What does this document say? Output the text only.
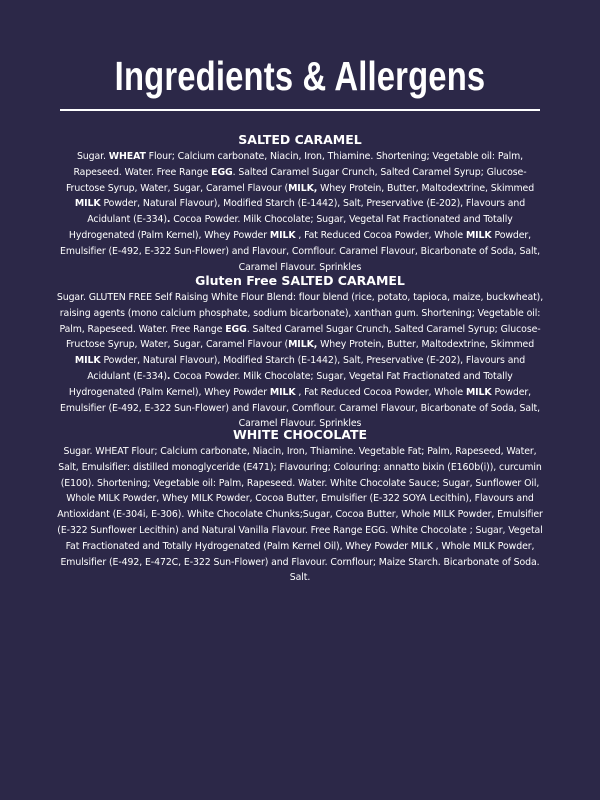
Ingredients & Allergens
SALTED CARAMEL

Sugar. WHEAT Flour; Calcium carbonate, Niacin, Iron, Thiamine. Shortening; Vegetable oil: Palm, Rapeseed. Water. Free Range EGG. Salted Caramel Sugar Crunch, Salted Caramel Syrup; Glucose-Fructose Syrup, Water, Sugar, Caramel Flavour (MILK, Whey Protein, Butter, Maltodextrine, Skimmed MILK Powder, Natural Flavour), Modified Starch (E-1442), Salt, Preservative (E-202), Flavours and Acidulant (E-334). Cocoa Powder. Milk Chocolate; Sugar, Vegetal Fat Fractionated and Totally Hydrogenated (Palm Kernel), Whey Powder MILK , Fat Reduced Cocoa Powder, Whole MILK Powder, Emulsifier (E-492, E-322 Sun-Flower) and Flavour, Cornflour. Caramel Flavour, Bicarbonate of Soda, Salt, Caramel Flavour. Sprinkles

Gluten Free SALTED CARAMEL

Sugar. GLUTEN FREE Self Raising White Flour Blend: flour blend (rice, potato, tapioca, maize, buckwheat), raising agents (mono calcium phosphate, sodium bicarbonate), xanthan gum. Shortening; Vegetable oil: Palm, Rapeseed. Water. Free Range EGG. Salted Caramel Sugar Crunch, Salted Caramel Syrup; Glucose-Fructose Syrup, Water, Sugar, Caramel Flavour (MILK, Whey Protein, Butter, Maltodextrine, Skimmed MILK Powder, Natural Flavour), Modified Starch (E-1442), Salt, Preservative (E-202), Flavours and Acidulant (E-334). Cocoa Powder. Milk Chocolate; Sugar, Vegetal Fat Fractionated and Totally Hydrogenated (Palm Kernel), Whey Powder MILK , Fat Reduced Cocoa Powder, Whole MILK Powder, Emulsifier (E-492, E-322 Sun-Flower) and Flavour, Cornflour. Caramel Flavour, Bicarbonate of Soda, Salt, Caramel Flavour. Sprinkles

WHITE CHOCOLATE

Sugar. WHEAT Flour; Calcium carbonate, Niacin, Iron, Thiamine. Vegetable Fat; Palm, Rapeseed, Water, Salt, Emulsifier: distilled monoglyceride (E471); Flavouring; Colouring: annatto bixin (E160b(i)), curcumin (E100). Shortening; Vegetable oil: Palm, Rapeseed. Water. White Chocolate Sauce; Sugar, Sunflower Oil, Whole MILK Powder, Whey MILK Powder, Cocoa Butter, Emulsifier (E-322 SOYA Lecithin), Flavours and Antioxidant (E-304i, E-306). White Chocolate Chunks;Sugar, Cocoa Butter, Whole MILK Powder, Emulsifier (E-322 Sunflower Lecithin) and Natural Vanilla Flavour. Free Range EGG. White Chocolate ; Sugar, Vegetal Fat Fractionated and Totally Hydrogenated (Palm Kernel Oil), Whey Powder MILK , Whole MILK Powder, Emulsifier (E-492, E-472C, E-322 Sun-Flower) and Flavour. Cornflour; Maize Starch. Bicarbonate of Soda. Salt.
